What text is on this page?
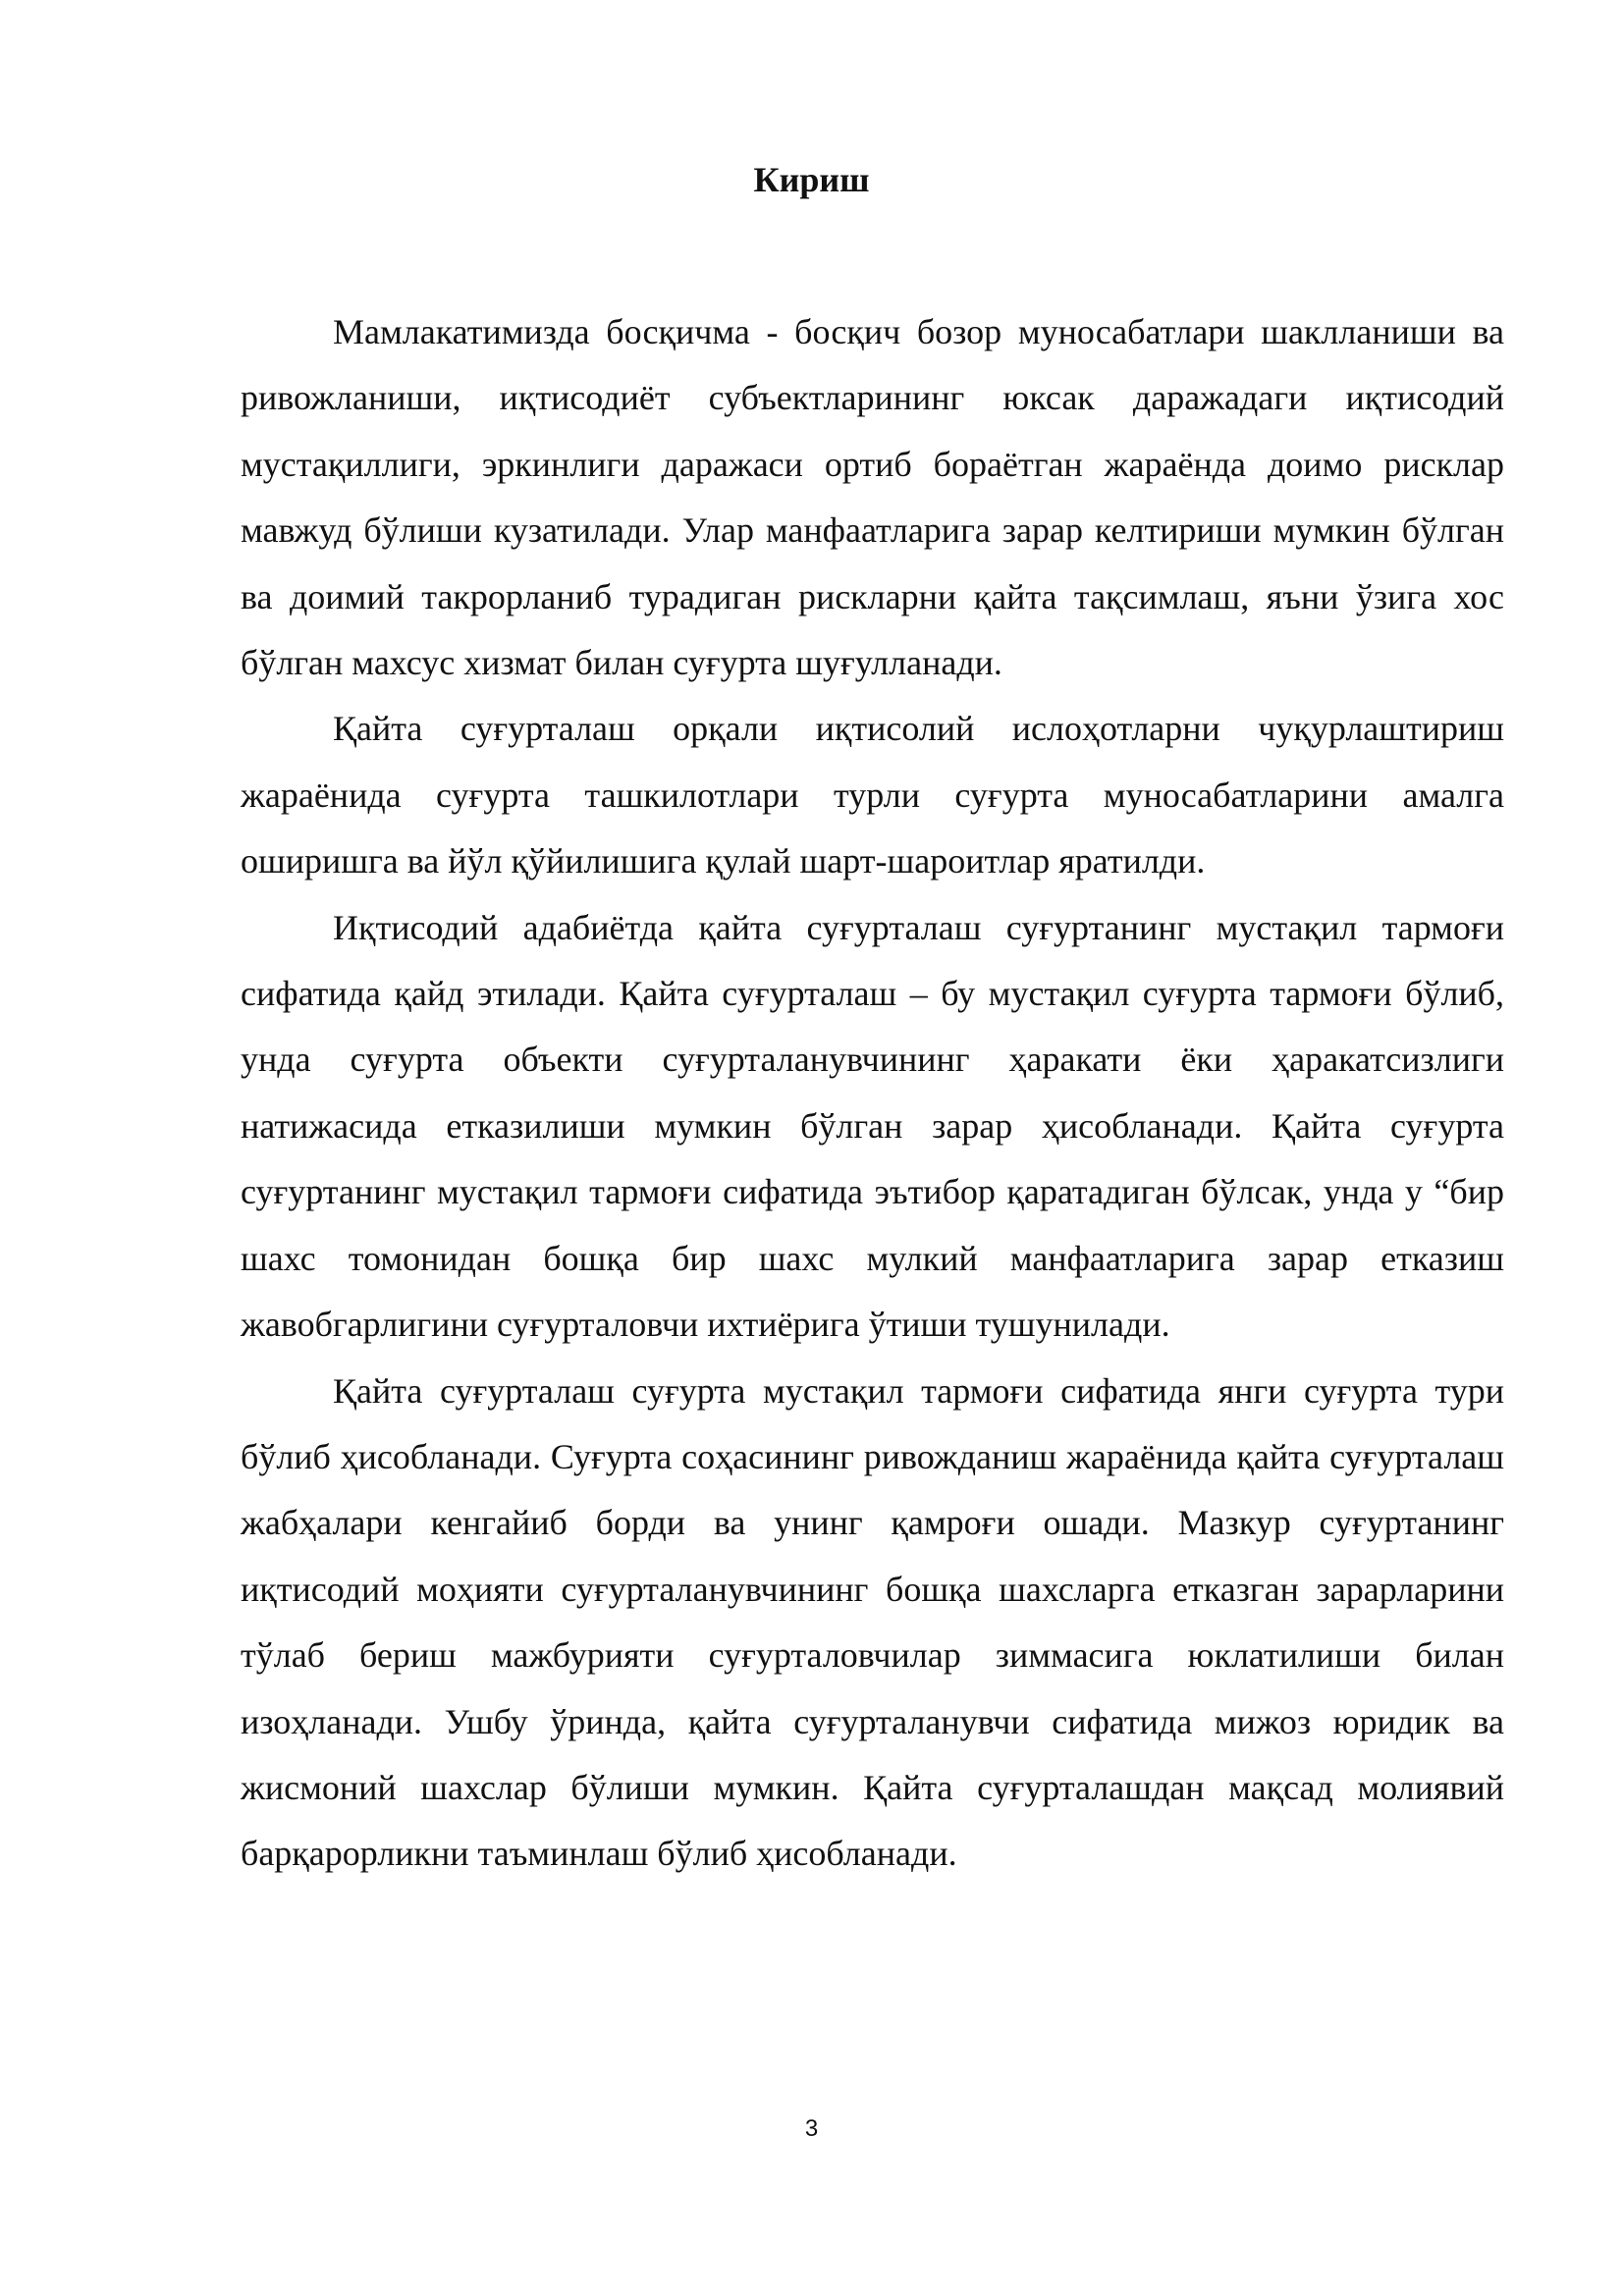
Кириш

Мамлакатимизда босқичма - босқич бозор муносабатлари шаклланиши ва ривожланиши, иқтисодиёт субъектларининг юксак даражадаги иқтисодий мустақиллиги, эркинлиги даражаси ортиб бораётган жараёнда доимо рисклар мавжуд бўлиши кузатилади. Улар манфаатларига зарар келтириши мумкин бўлган ва доимий такрорланиб турадиган рискларни қайта тақсимлаш, яъни ўзига хос бўлган махсус хизмат билан суғурта шуғулланади.

Қайта суғурталаш орқали иқтисолий ислоҳотларни чуқурлаштириш жараёнида суғурта ташкилотлари турли суғурта муносабатларини амалга оширишга ва йўл қўйилишига қулай шарт-шароитлар яратилди.

Иқтисодий адабиётда қайта суғурталаш суғуртанинг мустақил тармоғи сифатида қайд этилади. Қайта суғурталаш – бу мустақил суғурта тармоғи бўлиб, унда суғурта объекти суғурталанувчининг ҳаракати ёки ҳаракатсизлиги натижасида етказилиши мумкин бўлган зарар ҳисобланади. Қайта суғурта суғуртанинг мустақил тармоғи сифатида эътибор қаратадиган бўлсак, унда у “бир шахс томонидан бошқа бир шахс мулкий манфаатларига зарар етказиш жавобгарлигини суғурталовчи ихтиёрига ўтиши тушунилади.

Қайта суғурталаш суғурта мустақил тармоғи сифатида янги суғурта тури бўлиб ҳисобланади. Суғурта соҳасининг ривожданиш жараёнида қайта суғурталаш жабҳалари кенгайиб борди ва унинг қамроғи ошади. Мазкур суғуртанинг иқтисодий моҳияти суғурталанувчининг бошқа шахсларга етказган зарарларини тўлаб бериш мажбурияти суғурталовчилар зиммасига юклатилиши билан изоҳланади. Ушбу ўринда, қайта суғурталанувчи сифатида мижоз юридик ва жисмоний шахслар бўлиши мумкин. Қайта суғурталашдан мақсад молиявий барқарорликни таъминлаш бўлиб ҳисобланади.

3
